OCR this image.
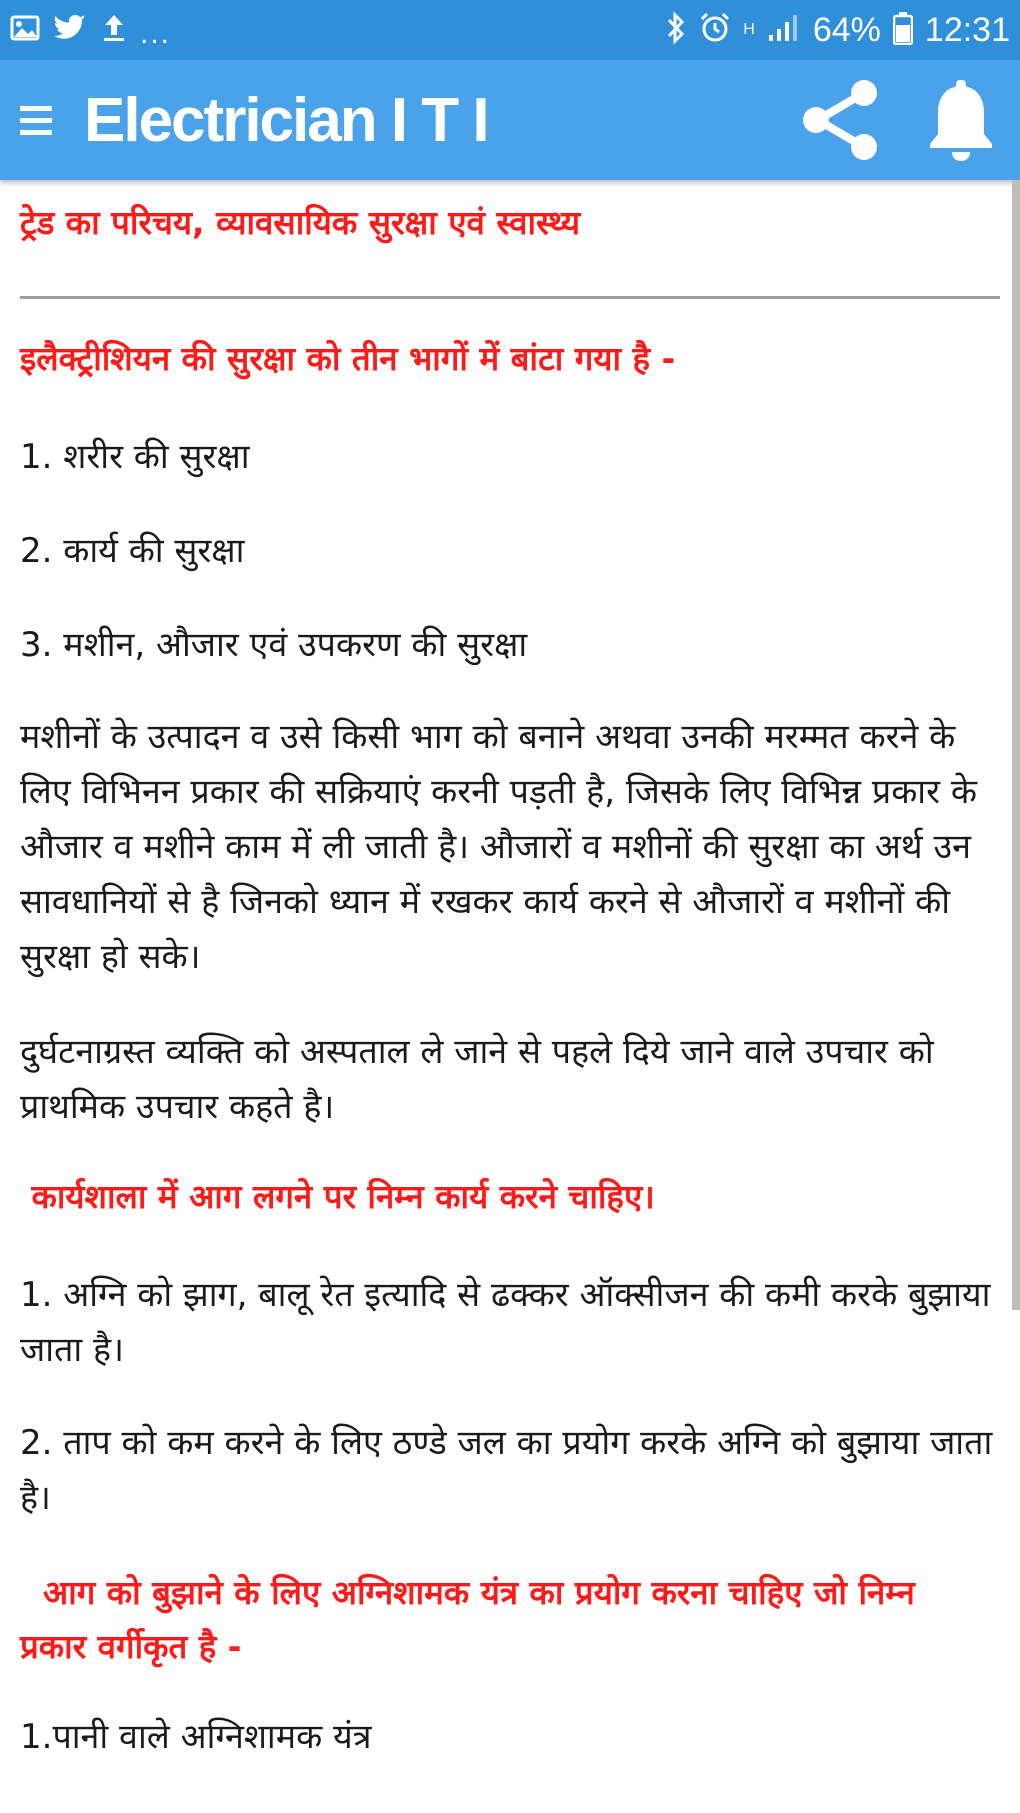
...	H 64% 12:31
Electrician I T I

ट्रेड का परिचय, व्यावसायिक सुरक्षा एवं स्वास्थ्य

इलैक्ट्रीशियन की सुरक्षा को तीन भागों में बांटा गया है -

1. शरीर की सुरक्षा

2. कार्य की सुरक्षा

3. मशीन, औजार एवं उपकरण की सुरक्षा

मशीनों के उत्पादन व उसे किसी भाग को बनाने अथवा उनकी मरम्मत करने के लिए विभिनन प्रकार की सक्रियाएं करनी पड़ती है, जिसके लिए विभिन्न प्रकार के औजार व मशीने काम में ली जाती है। औजारों व मशीनों की सुरक्षा का अर्थ उन सावधानियों से है जिनको ध्यान में रखकर कार्य करने से औजारों व मशीनों की सुरक्षा हो सके।

दुर्घटनाग्रस्त व्यक्ति को अस्पताल ले जाने से पहले दिये जाने वाले उपचार को प्राथमिक उपचार कहते है।

कार्यशाला में आग लगने पर निम्न कार्य करने चाहिए।

1. अग्नि को झाग, बालू रेत इत्यादि से ढक्कर ऑक्सीजन की कमी करके बुझाया जाता है।

2. ताप को कम करने के लिए ठण्डे जल का प्रयोग करके अग्नि को बुझाया जाता है।

आग को बुझाने के लिए अग्निशामक यंत्र का प्रयोग करना चाहिए जो निम्न  प्रकार वर्गीकृत है -

1.पानी वाले अग्निशामक यंत्र
